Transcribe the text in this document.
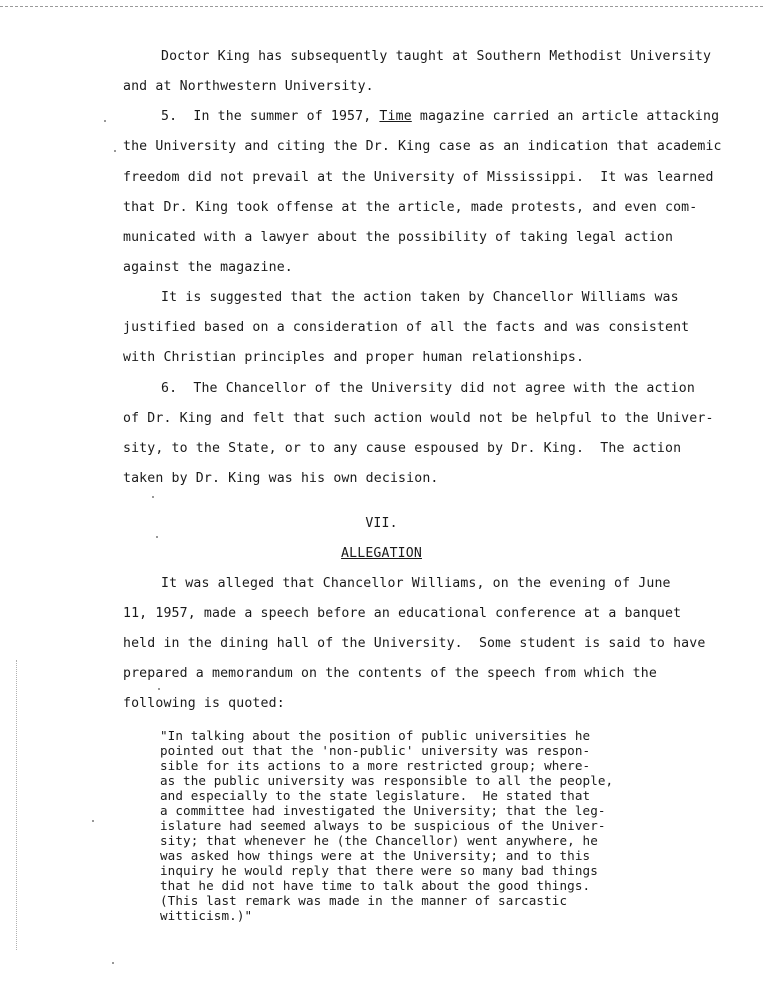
Doctor King has subsequently taught at Southern Methodist University
and at Northwestern University.
5.  In the summer of 1957, Time magazine carried an article attacking
the University and citing the Dr. King case as an indication that academic
freedom did not prevail at the University of Mississippi.  It was learned
that Dr. King took offense at the article, made protests, and even com-
municated with a lawyer about the possibility of taking legal action
against the magazine.
It is suggested that the action taken by Chancellor Williams was
justified based on a consideration of all the facts and was consistent
with Christian principles and proper human relationships.
6.  The Chancellor of the University did not agree with the action
of Dr. King and felt that such action would not be helpful to the Univer-
sity, to the State, or to any cause espoused by Dr. King.  The action
taken by Dr. King was his own decision.
VII.
ALLEGATION
It was alleged that Chancellor Williams, on the evening of June
11, 1957, made a speech before an educational conference at a banquet
held in the dining hall of the University.  Some student is said to have
prepared a memorandum on the contents of the speech from which the
following is quoted:
"In talking about the position of public universities he
pointed out that the 'non-public' university was respon-
sible for its actions to a more restricted group; where-
as the public university was responsible to all the people,
and especially to the state legislature.  He stated that
a committee had investigated the University; that the leg-
islature had seemed always to be suspicious of the Univer-
sity; that whenever he (the Chancellor) went anywhere, he
was asked how things were at the University; and to this
inquiry he would reply that there were so many bad things
that he did not have time to talk about the good things.
(This last remark was made in the manner of sarcastic
witticism.)"
